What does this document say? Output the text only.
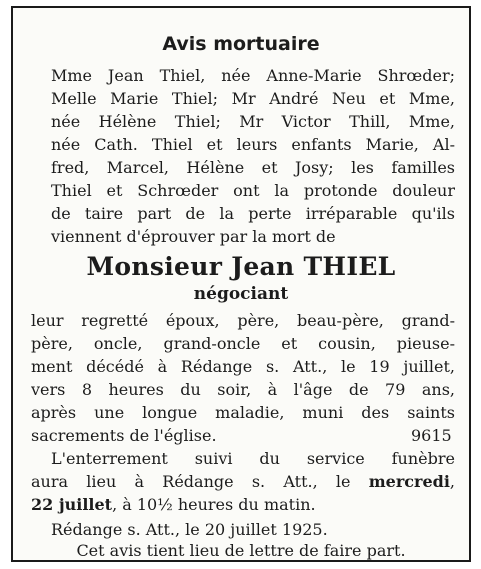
Avis mortuaire
Mme Jean Thiel, née Anne-Marie Shrœder;
Melle Marie Thiel; Mr André Neu et Mme,
née Hélène Thiel; Mr Victor Thill, Mme,
née Cath. Thiel et leurs enfants Marie, Al-
fred, Marcel, Hélène et Josy; les familles
Thiel et Schrœder ont la protonde douleur
de taire part de la perte irréparable qu'ils
viennent d'éprouver par la mort de
Monsieur Jean THIEL
négociant
leur regretté époux, père, beau-père, grand-
père, oncle, grand-oncle et cousin, pieuse-
ment décédé à Rédange s. Att., le 19 juillet,
vers 8 heures du soir, à l'âge de 79 ans,
après une longue maladie, muni des saints
sacrements de l'église.	9615
L'enterrement suivi du service funèbre
aura lieu à Rédange s. Att., le mercredi,
22 juillet, à 10½ heures du matin.
Rédange s. Att., le 20 juillet 1925.
Cet avis tient lieu de lettre de faire part.
